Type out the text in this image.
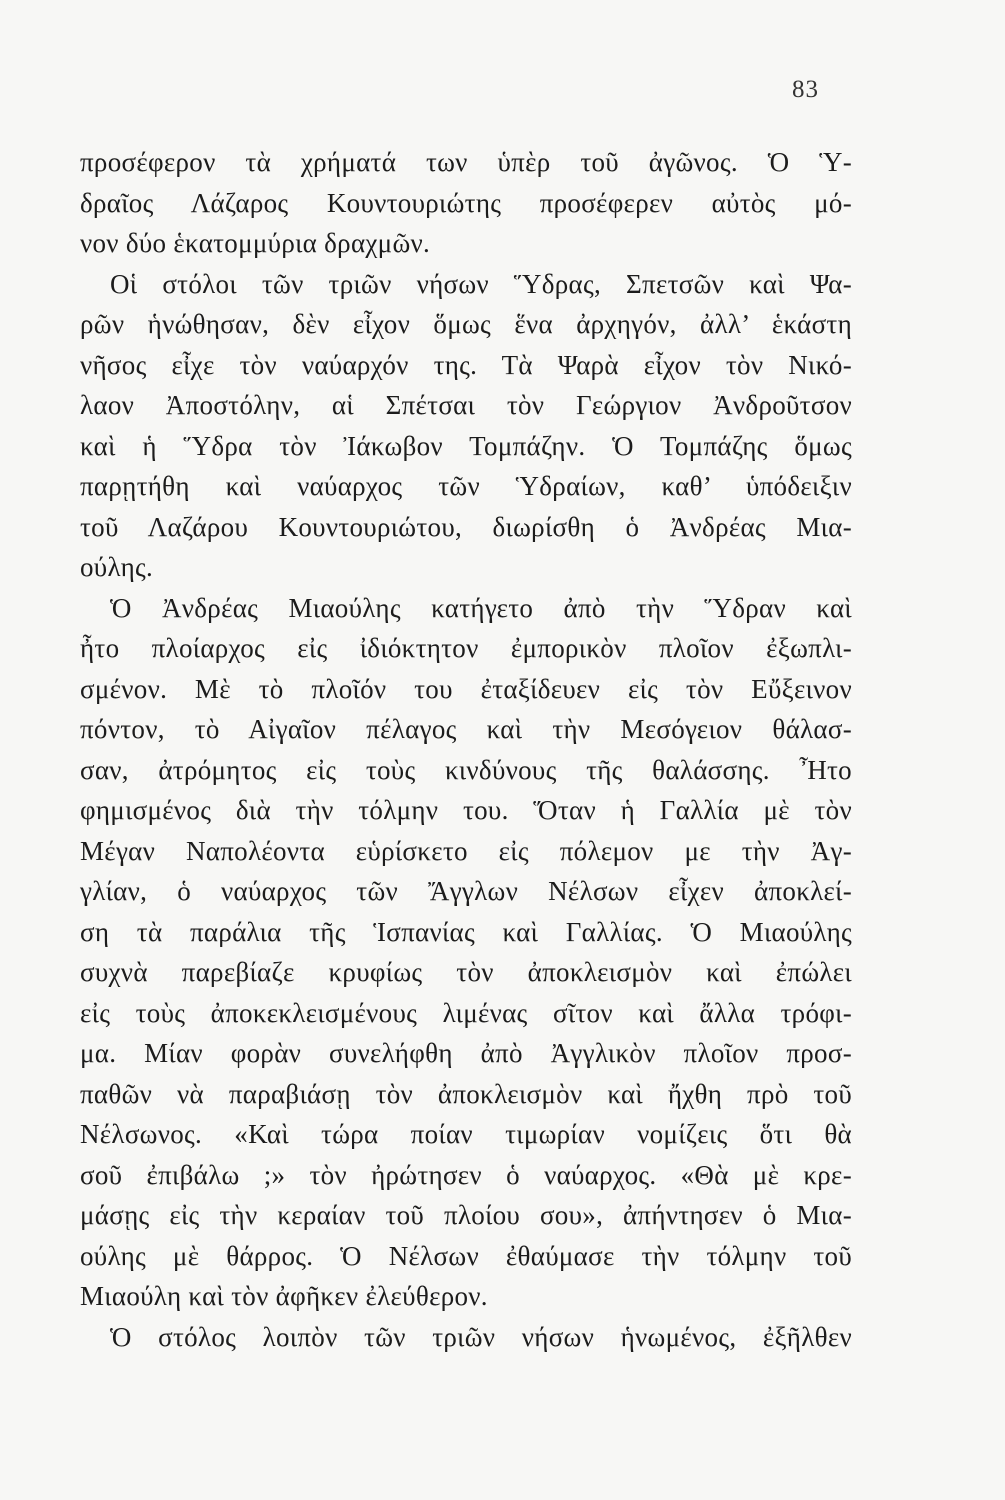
83
προσέφερον τὰ χρήματά των ὑπὲρ τοῦ ἀγῶνος. Ὁ Ὑ-
δραῖος Λάζαρος Κουντουριώτης προσέφερεν αὐτὸς μό-
νον δύο ἑκατομμύρια δραχμῶν.
Οἱ στόλοι τῶν τριῶν νήσων Ὕδρας, Σπετσῶν καὶ Ψα-
ρῶν ἡνώθησαν, δὲν εἶχον ὅμως ἕνα ἀρχηγόν, ἀλλ’ ἑκάστη
νῆσος εἶχε τὸν ναύαρχόν της. Τὰ Ψαρὰ εἶχον τὸν Νικό-
λαον Ἀποστόλην, αἱ Σπέτσαι τὸν Γεώργιον Ἀνδροῦτσον
καὶ ἡ Ὕδρα τὸν Ἰάκωβον Τομπάζην. Ὁ Τομπάζης ὅμως
παρῃτήθη καὶ ναύαρχος τῶν Ὑδραίων, καθ’ ὑπόδειξιν
τοῦ Λαζάρου Κουντουριώτου, διωρίσθη ὁ Ἀνδρέας Μια-
ούλης.
Ὁ Ἀνδρέας Μιαούλης κατήγετο ἀπὸ τὴν Ὕδραν καὶ
ἦτο πλοίαρχος εἰς ἰδιόκτητον ἐμπορικὸν πλοῖον ἐξωπλι-
σμένον. Μὲ τὸ πλοῖόν του ἐταξίδευεν εἰς τὸν Εὔξεινον
πόντον, τὸ Αἰγαῖον πέλαγος καὶ τὴν Μεσόγειον θάλασ-
σαν, ἀτρόμητος εἰς τοὺς κινδύνους τῆς θαλάσσης. Ἦτο
φημισμένος διὰ τὴν τόλμην του. Ὅταν ἡ Γαλλία μὲ τὸν
Μέγαν Ναπολέοντα εὑρίσκετο εἰς πόλεμον με τὴν Ἀγ-
γλίαν, ὁ ναύαρχος τῶν Ἄγγλων Νέλσων εἶχεν ἀποκλεί-
ση τὰ παράλια τῆς Ἱσπανίας καὶ Γαλλίας. Ὁ Μιαούλης
συχνὰ παρεβίαζε κρυφίως τὸν ἀποκλεισμὸν καὶ ἐπώλει
εἰς τοὺς ἀποκεκλεισμένους λιμένας σῖτον καὶ ἄλλα τρόφι-
μα. Μίαν φορὰν συνελήφθη ἀπὸ Ἀγγλικὸν πλοῖον προσ-
παθῶν νὰ παραβιάσῃ τὸν ἀποκλεισμὸν καὶ ἤχθη πρὸ τοῦ
Νέλσωνος. «Καὶ τώρα ποίαν τιμωρίαν νομίζεις ὅτι θὰ
σοῦ ἐπιβάλω ;» τὸν ἠρώτησεν ὁ ναύαρχος. «Θὰ μὲ κρε-
μάσῃς εἰς τὴν κεραίαν τοῦ πλοίου σου», ἀπήντησεν ὁ Μια-
ούλης μὲ θάρρος. Ὁ Νέλσων ἐθαύμασε τὴν τόλμην τοῦ
Μιαούλη καὶ τὸν ἀφῆκεν ἐλεύθερον.
Ὁ στόλος λοιπὸν τῶν τριῶν νήσων ἡνωμένος, ἐξῆλθεν
